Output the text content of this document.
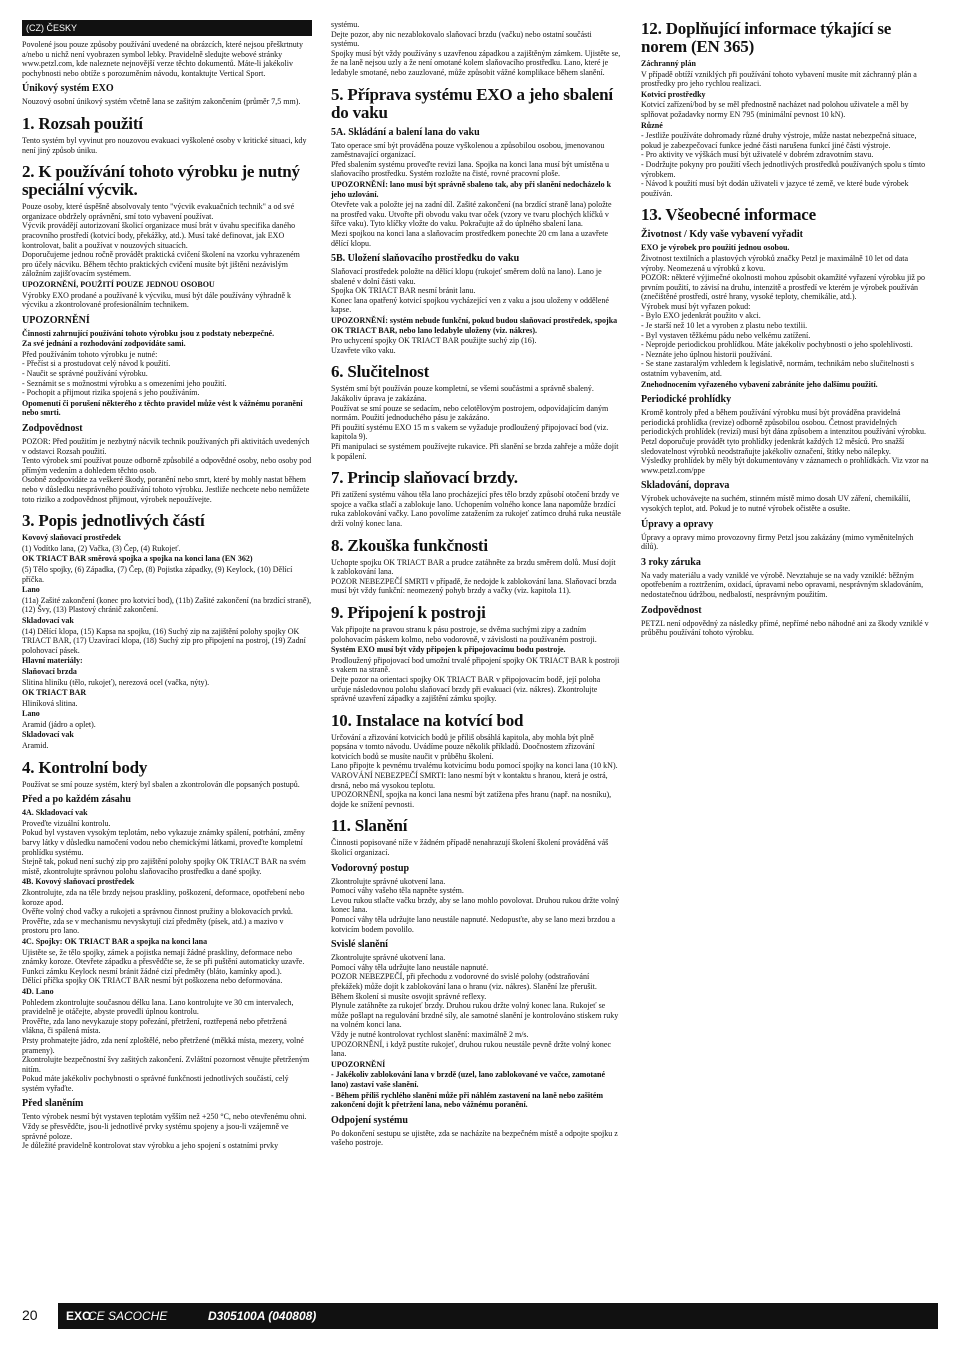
(CZ) ČESKY

Povolené jsou pouze způsoby používání uvedené na obrázcích, které nejsou přeškrtnuty a/nebo u nichž není vyobrazen symbol lebky. Pravidelně sledujte webové stránky www.petzl.com, kde naleznete nejnovější verze těchto dokumentů. Máte-li jakékoliv pochybnosti nebo obtíže s porozuměním návodu, kontaktujte Vertical Sport.

Únikový systém EXO

Nouzový osobní únikový systém včetně lana se zašitým zakončením (průměr 7,5 mm).

1. Rozsah použití

Tento systém byl vyvinut pro nouzovou evakuaci vyškolené osoby v kritické situaci, kdy není jiný způsob úniku.

2. K používání tohoto výrobku je nutný speciální výcvik.

Pouze osoby, které úspěšně absolvovaly tento "výcvik evakuačních technik" a od své organizace obdržely oprávnění, smí toto vybavení používat.
Výcvik provádějí autorizovaní školicí organizace musí brát v úvahu specifika daného pracovního prostředí (kotvicí body, překážky, atd.). Musí také definovat, jak EXO kontrolovat, balit a používat v nouzových situacích.
Doporučujeme jednou ročně provádět praktická cvičení školení na vzorku vyhrazeném pro účely nácviku. Během těchto praktických cvičení musíte být jištěni nezávislým záložním zajišťovacím systémem.

UPOZORNĚNÍ, POUŽITÍ POUZE JEDNOU OSOBOU

Výrobky EXO prodané a používané k výcviku, musí být dále používány výhradně k výcviku a zkontrolované profesionálním technikem.

UPOZORNĚNÍ

Činnosti zahrnující používání tohoto výrobku jsou z podstaty nebezpečné.

Za své jednání a rozhodování zodpovídáte sami.

Před používáním tohoto výrobku je nutné:
- Přečíst si a prostudovat celý návod k použití.
- Naučit se správné používání výrobku.
- Seznámit se s možnostmi výrobku a s omezeními jeho použití.
- Pochopit a přijmout rizika spojená s jeho používáním.

Opomenutí či porušení některého z těchto pravidel může vést k vážnému poranění nebo smrti.

Zodpovědnost

POZOR: Před použitím je nezbytný nácvik technik používaných při aktivitách uvedených v odstavci Rozsah použití.
Tento výrobek smí používat pouze odborně způsobilé a odpovědné osoby, nebo osoby pod přímým vedením a dohledem těchto osob.
Osobně zodpovídáte za veškeré škody, poranění nebo smrt, které by mohly nastat během nebo v důsledku nesprávného používání tohoto výrobku. Jestliže nechcete nebo nemůžete toto riziko a zodpovědnost přijmout, výrobek nepoužívejte.

3. Popis jednotlivých částí

Kovový slaňovací prostředek

(1) Vodítko lana, (2) Vačka, (3) Čep, (4) Rukojeť.

OK TRIACT BAR směrová spojka a spojka na konci lana (EN 362)

(5) Tělo spojky, (6) Západka, (7) Čep, (8) Pojistka západky, (9) Keylock, (10) Dělící příčka.

Lano

(11a) Zašité zakončení (konec pro kotvicí bod), (11b) Zašité zakončení (na brzdící straně), (12) Švy, (13) Plastový chránič zakončení.

Skladovací vak

(14) Dělící klopa, (15) Kapsa na spojku, (16) Suchý zip na zajištění polohy spojky OK TRIACT BAR, (17) Uzavírací klopa, (18) Suchý zip pro připojení na postroj, (19) Zadní polohovací pásek.

Hlavní materiály:

Slaňovací brzda

Slitina hliníku (tělo, rukojeť), nerezová ocel (vačka, nýty).

OK TRIACT BAR

Hliníková slitina.

Lano

Aramid (jádro a oplet).

Skladovací vak

Aramid.

4. Kontrolní body

Používat se smí pouze systém, který byl sbalen a zkontrolován dle popsaných postupů.

Před a po každém zásahu

4A. Skladovací vak

Proveďte vizuální kontrolu.
Pokud byl vystaven vysokým teplotám, nebo vykazuje známky spálení, potrhání, změny barvy látky v důsledku namočení vodou nebo chemickými látkami, proveďte kompletní prohlídku systému.
Stejně tak, pokud není suchý zip pro zajištění polohy spojky OK TRIACT BAR na svém místě, zkontrolujte správnou polohu slaňovacího prostředku a dané spojky.

4B. Kovový slaňovací prostředek

Zkontrolujte, zda na těle brzdy nejsou praskliny, poškození, deformace, opotřebení nebo koroze apod.
Ověřte volný chod vačky a rukojeti a správnou činnost pružiny a blokovacích prvků.
Prověřte, zda se v mechanismu nevyskytují cizí předměty (písek, atd.) a mazivo v prostoru pro lano.

4C. Spojky: OK TRIACT BAR a spojka na konci lana

Ujistěte se, že tělo spojky, zámek a pojistka nemají žádné praskliny, deformace nebo známky koroze. Otevřete západku a přesvědčte se, že se při puštění automaticky uzavře. Funkci zámku Keylock nesmí bránit žádné cizí předměty (bláto, kamínky apod.).
Dělící příčka spojky OK TRIACT BAR nesmí být poškozena nebo deformována.

4D. Lano

Pohledem zkontrolujte současnou délku lana. Lano kontrolujte ve 30 cm intervalech, pravidelně je otáčejte, abyste provedli úplnou kontrolu.
Prověřte, zda lano nevykazuje stopy pořezání, přetržení, roztřepená nebo přetržená vlákna, či spálená místa.
Prsty prohmatejte jádro, zda není zploštělé, nebo přetržené (měkká místa, mezery, volné prameny).
Zkontrolujte bezpečnostní švy zašitých zakončení. Zvláštní pozornost věnujte přetrženým nitím.
Pokud máte jakékoliv pochybnosti o správné funkčnosti jednotlivých součástí, celý systém vyřaďte.

Před slaněním

Tento výrobek nesmí být vystaven teplotám vyšším než +250 °C, nebo otevřenému ohni.
Vždy se přesvědčte, jsou-li jednotlivé prvky systému spojeny a jsou-li vzájemně ve správné poloze.
Je důležité pravidelně kontrolovat stav výrobku a jeho spojení s ostatními prvky

systému.
Dejte pozor, aby nic nezablokovalo slaňovací brzdu (vačku) nebo ostatní součásti systému.
Spojky musí být vždy používány s uzavřenou západkou a zajištěným zámkem. Ujistěte se, že na laně nejsou uzly a že není omotané kolem slaňovacího prostředku. Lano, které je ledabyle smotané, nebo zauzlované, může způsobit vážné komplikace během slanění.

5. Příprava systému EXO a jeho sbalení do vaku
5A. Skládání a balení lana do vaku

Tato operace smí být prováděna pouze vyškolenou a způsobilou osobou, jmenovanou zaměstnavající organizací.
Před sbalením systému proveďte revizi lana. Spojka na konci lana musí být umístěna u slaňovacího prostředku. Systém rozložte na čisté, rovné pracovní ploše.

UPOZORNĚNÍ: lano musí být správně sbaleno tak, aby při slanění nedocházelo k jeho uzlování.

Otevřete vak a položte jej na zadní díl. Zašité zakončení (na brzdící straně lana) položte na prostřed vaku. Utvořte při obvodu vaku tvar oček (vzory ve tvaru plochých klíčků v šířce vaku). Tyto klíčky vložte do vaku. Pokračujte až do úplného sbalení lana.
Mezi spojkou na konci lana a slaňovacím prostředkem ponechte 20 cm lana a uzavřete dělící klopu.

5B. Uložení slaňovacího prostředku do vaku

Slaňovací prostředek položte na dělící klopu (rukojeť směrem dolů na lano). Lano je sbalené v dolní části vaku.
Spojka OK TRIACT BAR nesmí bránit lanu.
Konec lana opatřený kotvicí spojkou vycházející ven z vaku a jsou uloženy v oddělené kapse.

UPOZORNĚNÍ: systém nebude funkční, pokud budou slaňovací prostředek, spojka OK TRIACT BAR, nebo lano ledabyle uloženy (viz. nákres).

Pro uchycení spojky OK TRIACT BAR použijte suchý zip (16).
Uzavřete víko vaku.

6. Slučitelnost

Systém smí být používán pouze kompletní, se všemi součástmi a správně sbalený. Jakákoliv úprava je zakázána.
Používat se smí pouze se sedacím, nebo celotělovým postrojem, odpovídajícím daným normám. Použití jednoduchého pásu je zakázáno.
Při použití systému EXO 15 m s vakem se vyžaduje prodloužený připojovací bod (viz. kapitola 9).
Při manipulaci se systémem používejte rukavice. Při slanění se brzda zahřeje a může dojít k popálení.

7. Princip slaňovací brzdy.

Při zatížení systému váhou těla lano procházející přes tělo brzdy způsobí otočení brzdy ve spojce a vačka stlačí a zablokuje lano. Uchopením volného konce lana napomůže brzdící ruka zablokování vačky. Lano povolíme zatažením za rukojeť zatímco druhá ruka neustále drží volný konec lana.

8. Zkouška funkčnosti

Uchopte spojku OK TRIACT BAR a prudce zatáhněte za brzdu směrem dolů. Musí dojít k zablokování lana.
POZOR NEBEZPEČÍ SMRTI v případě, že nedojde k zablokování lana. Slaňovací brzda musí být vždy funkční: neomezený pohyb brzdy a vačky (viz. kapitola 11).

9. Připojení k postroji

Vak připojte na pravou stranu k pásu postroje, se dvěma suchými zipy a zadním polohovacím páskem kolmo, nebo vodorovně, v závislosti na používaném postroji.

Systém EXO musí být vždy připojen k připojovacímu bodu postroje.

Prodloužený připojovací bod umožní trvalé připojení spojky OK TRIACT BAR k postroji s vakem na straně.
Dejte pozor na orientaci spojky OK TRIACT BAR v připojovacím bodě, její poloha určuje následovnou polohu slaňovací brzdy při evakuaci (viz. nákres). Zkontrolujte správné uzavření západky a zajištění zámku spojky.

10. Instalace na kotvící bod

Určování a zřizování kotvicích bodů je příliš obsáhlá kapitola, aby mohla být plně popsána v tomto návodu. Uvádíme pouze několik příkladů. Doočnostem zřizování kotvicích bodů se musíte naučit v průběhu školení.
Lano připojte k pevnému trvalému kotvicímu bodu pomocí spojky na konci lana (10 kN).
VAROVÁNÍ NEBEZPEČÍ SMRTI: lano nesmí být v kontaktu s hranou, která je ostrá, drsná, nebo má vysokou teplotu.
UPOZORNĚNÍ, spojka na konci lana nesmí být zatížena přes hranu (např. na nosníku), dojde ke snížení pevnosti.

11. Slanění

Činnosti popisované níže v žádném případě nenahrazují školení školení prováděná váš školicí organizací.

Vodorovný postup

Zkontrolujte správné ukotvení lana.
Pomocí váhy vašeho těla napněte systém.
Levou rukou stlačte vačku brzdy, aby se lano mohlo povolovat. Druhou rukou držte volný konec lana.
Pomocí váhy těla udržujte lano neustále napnuté. Nedopusťte, aby se lano mezi brzdou a kotvicím bodem povolilo.

Svislé slanění

Zkontrolujte správné ukotvení lana.
Pomocí váhy těla udržujte lano neustále napnuté.
POZOR NEBEZPEČÍ, při přechodu z vodorovné do svislé polohy (odstraňování překážek) může dojít k zablokování lana o hranu (viz. nákres). Slanění lze přerušit. Během školení si musíte osvojit správné reflexy.
Plynule zatáhněte za rukojeť brzdy. Druhou rukou držte volný konec lana. Rukojeť se může pošlapt na regulování brzdné síly, ale samotné slanění je kontrolováno stiskem ruky na volném konci lana.
Vždy je nutné kontrolovat rychlost slanění: maximálně 2 m/s.
UPOZORNĚNÍ, i když pustíte rukojeť, druhou rukou neustále pevně držte volný konec lana.

UPOZORNĚNÍ

- Jakékoliv zablokování lana v brzdě (uzel, lano zablokované ve vačce, zamotané lano) zastaví vaše slanění.

- Během příliš rychlého slanění může při náhlém zastavení na laně nebo zašitém zakončení dojít k přetržení lana, nebo vážnému poranění.

Odpojení systému

Po dokončení sestupu se ujistěte, zda se nacházíte na bezpečném místě a odpojte spojku z vašeho postroje.

12. Doplňující informace týkající se norem (EN 365)

Záchranný plán

V případě obtíží vzniklých při používání tohoto vybavení musíte mít záchranný plán a prostředky pro jeho rychlou realizaci.

Kotvicí prostředky

Kotvicí zařízení/bod by se měl přednostně nacházet nad polohou uživatele a měl by splňovat požadavky normy EN 795 (minimální pevnost 10 kN).

Různé

- Jestliže používáte dohromady různé druhy výstroje, může nastat nebezpečná situace, pokud je zabezpečovací funkce jedné části narušena funkcí jiné části výstroje.
- Pro aktivity ve výškách musí být uživatelé v dobrém zdravotním stavu.
- Dodržujte pokyny pro použití všech jednotlivých prostředků používaných spolu s tímto výrobkem.
- Návod k použití musí být dodán uživateli v jazyce té země, ve které bude výrobek používán.

13. Všeobecné informace
Životnost / Kdy vaše vybavení vyřadit

EXO je výrobek pro použití jednou osobou.

Životnost textilních a plastových výrobků značky Petzl je maximálně 10 let od data výroby. Neomezená u výrobků z kovu.
POZOR: některé výjimečné okolnosti mohou způsobit okamžité vyřazení výrobku již po prvním použití, to závisí na druhu, intenzitě a prostředí ve kterém je výrobek používán (znečištěné prostředí, ostré hrany, vysoké teploty, chemikálie, atd.).
Výrobek musí být vyřazen pokud:
- Bylo EXO jedenkrát použito v akci.
- Je starší než 10 let a vyroben z plastu nebo textilii.
- Byl vystaven těžkému pádu nebo velkému zatížení.
- Neprojde periodickou prohlídkou. Máte jakékoliv pochybnosti o jeho spolehlivosti.
- Neznáte jeho úplnou historii používání.
- Se stane zastaralým vzhledem k legislativě, normám, technikám nebo slučitelnosti s ostatním vybavením, atd.

Znehodnocením vyřazeného vybavení zabráníte jeho dalšímu použití.

Periodické prohlídky

Kromě kontroly před a během používání výrobku musí být prováděna pravidelná periodická prohlídka (revize) odborně způsobilou osobou. Četnost pravidelných periodických prohlídek (revizí) musí být dána způsobem a intenzitou používání výrobku. Petzl doporučuje provádět tyto prohlídky jedenkrát každých 12 měsíců. Pro snažší sledovatelnost výrobků neodstraňujte jakékoliv označení, štítky nebo nálepky.
Výsledky prohlídek by měly být dokumentovány v záznamech o prohlídkách. Viz vzor na www.petzl.com/ppe

Skladování, doprava

Výrobek uchovávejte na suchém, stinném místě mimo dosah UV záření, chemikálií, vysokých teplot, atd. Pokud je to nutné výrobek očistěte a osušte.

Úpravy a opravy

Úpravy a opravy mimo provozovny firmy Petzl jsou zakázány (mimo vyměnitelných dílů).

3 roky záruka

Na vady materiálu a vady vzniklé ve výrobě. Nevztahuje se na vady vzniklé: běžným opotřebením a roztržením, oxidací, úpravami nebo opravami, nesprávným skladováním, nedostatečnou údržbou, nedbalostí, nesprávným použitím.

Zodpovědnost

PETZL není odpovědný za následky přímé, nepřímé nebo náhodné ani za škody vzniklé v průběhu používání tohoto výrobku.

20 EXO
CE SACOCHE	D305100A (040808)
